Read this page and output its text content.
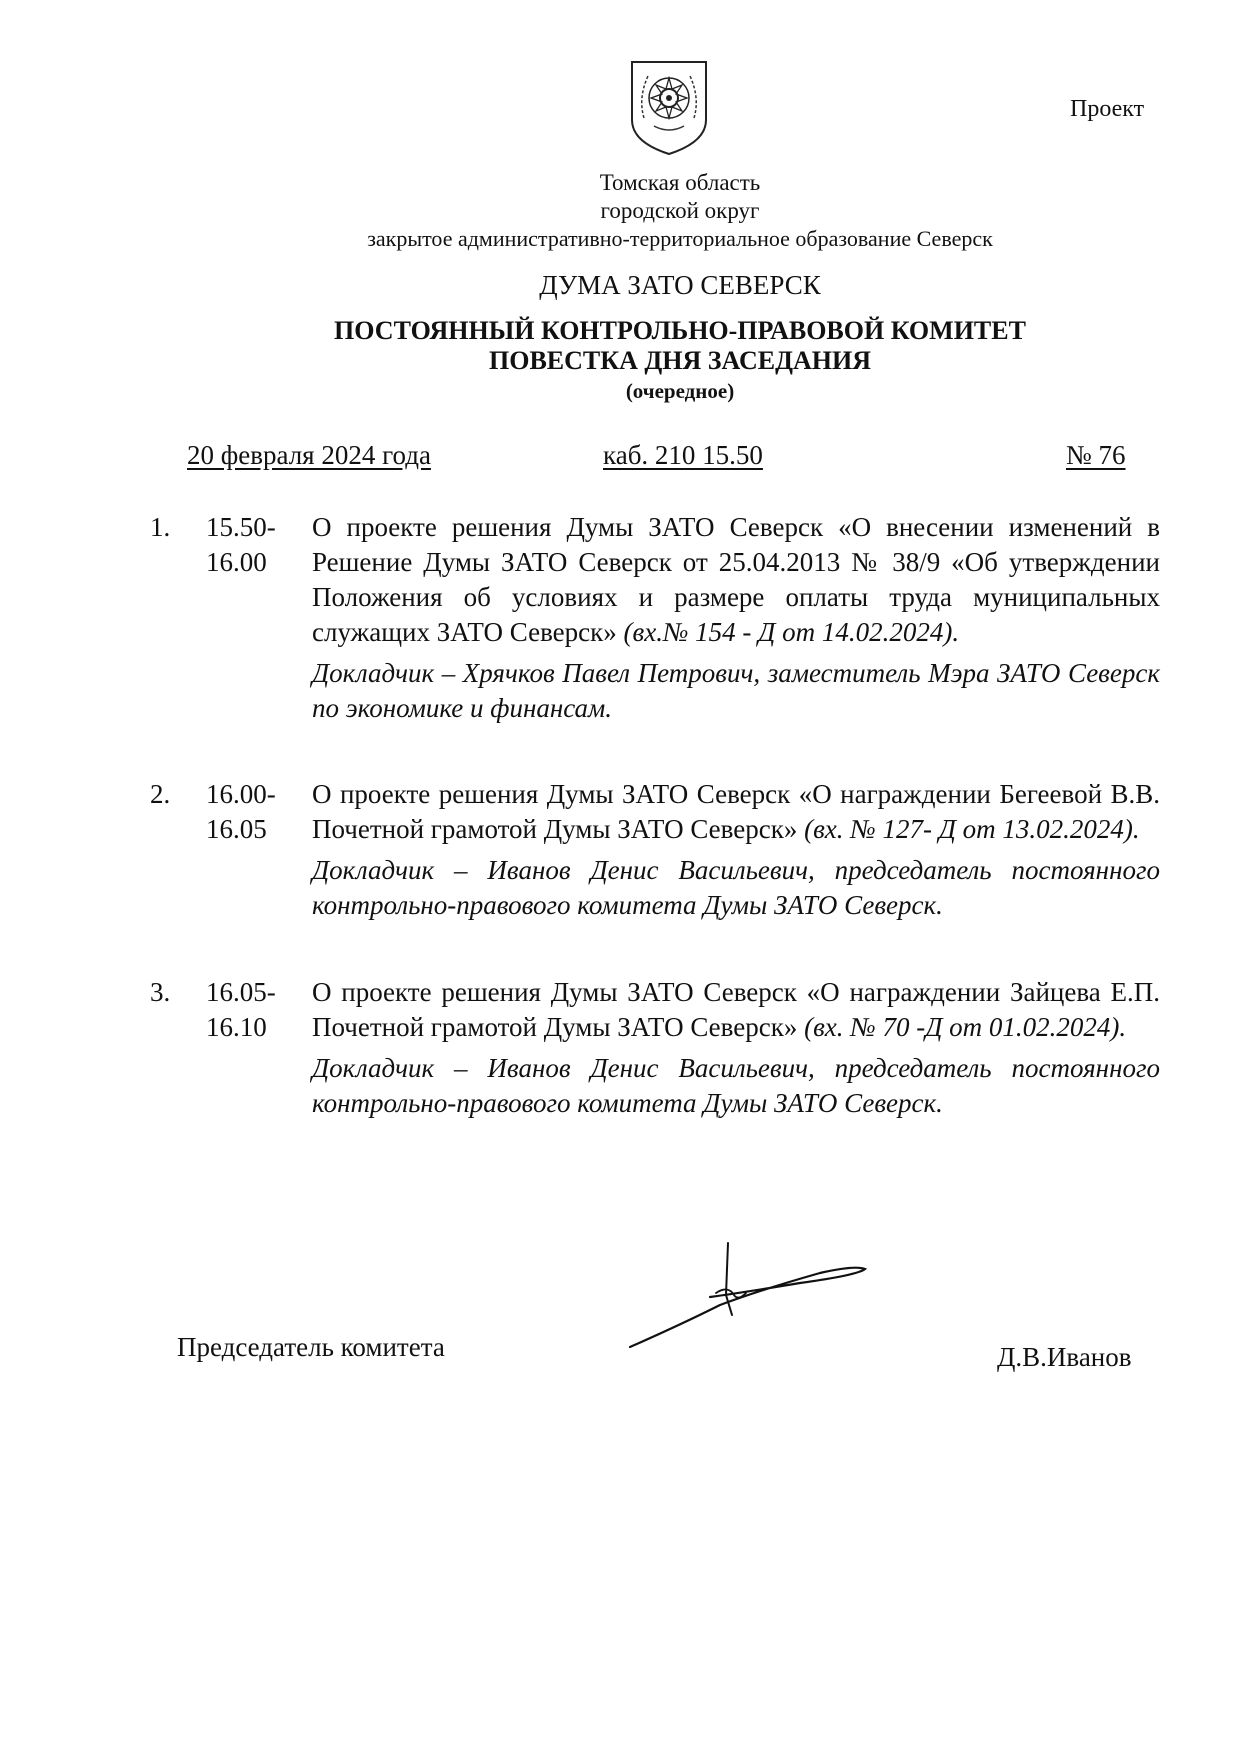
Проект
Томская область
городской округ
закрытое административно-территориальное образование Северск
ДУМА ЗАТО СЕВЕРСК
ПОСТОЯННЫЙ КОНТРОЛЬНО-ПРАВОВОЙ КОМИТЕТ
ПОВЕСТКА ДНЯ ЗАСЕДАНИЯ
(очередное)
20 февраля 2024 года	каб. 210 15.50	№ 76
1. 15.50-
16.00

О проекте решения Думы ЗАТО Северск «О внесении изменений в Решение Думы ЗАТО Северск от 25.04.2013 № 38/9 «Об утверждении Положения об условиях и размере оплаты труда муниципальных служащих ЗАТО Северск» (вх.№ 154 - Д от 14.02.2024).

Докладчик – Хрячков Павел Петрович, заместитель Мэра ЗАТО Северск по экономике и финансам.
2. 16.00-
16.05

О проекте решения Думы ЗАТО Северск «О награждении Бегеевой В.В. Почетной грамотой Думы ЗАТО Северск» (вх. № 127- Д от 13.02.2024).

Докладчик – Иванов Денис Васильевич, председатель постоянного контрольно-правового комитета Думы ЗАТО Северск.
3. 16.05-
16.10

О проекте решения Думы ЗАТО Северск «О награждении Зайцева Е.П. Почетной грамотой Думы ЗАТО Северск» (вх. № 70 -Д от 01.02.2024).

Докладчик – Иванов Денис Васильевич, председатель постоянного контрольно-правового комитета Думы ЗАТО Северск.
Председатель комитета	Д.В.Иванов
